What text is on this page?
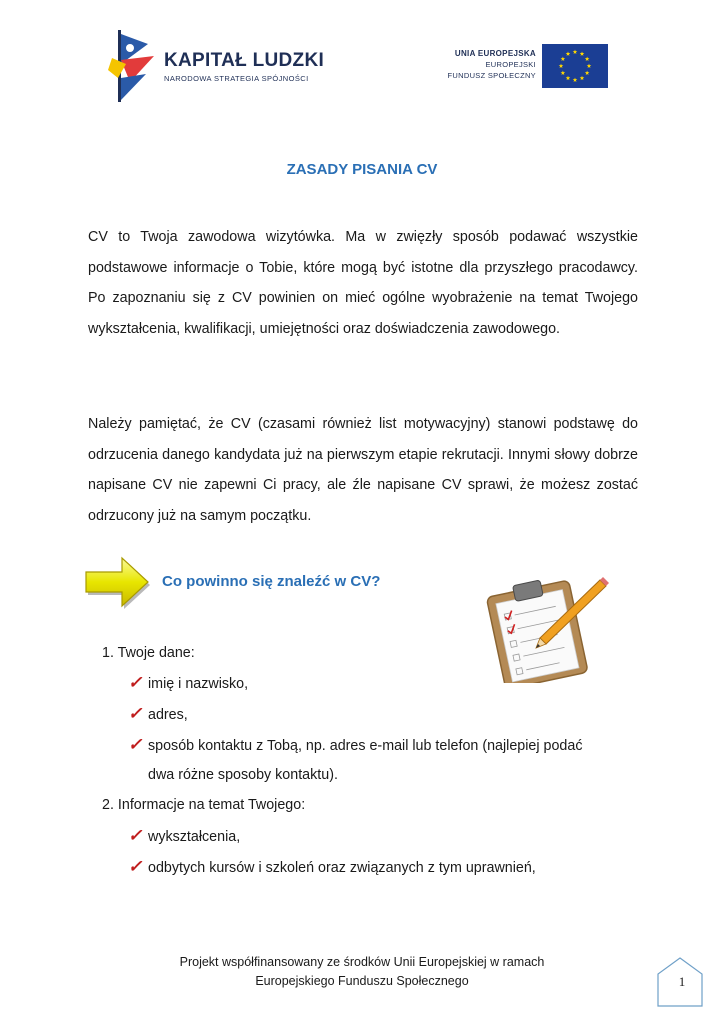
KAPITAŁ LUDZKI
NARODOWA STRATEGIA SPÓJNOŚCI
UNIA EUROPEJSKA
EUROPEJSKI
FUNDUSZ SPOŁECZNY
ZASADY PISANIA CV
CV to Twoja zawodowa wizytówka. Ma w zwięzły sposób podawać wszystkie podstawowe informacje o Tobie, które mogą być istotne dla przyszłego pracodawcy. Po zapoznaniu się z CV powinien on mieć ogólne wyobrażenie na temat Twojego wykształcenia, kwalifikacji, umiejętności oraz doświadczenia zawodowego.
Należy pamiętać, że CV (czasami również list motywacyjny) stanowi podstawę do odrzucenia danego kandydata już na pierwszym etapie rekrutacji. Innymi słowy dobrze napisane CV nie zapewni Ci pracy, ale źle napisane CV sprawi, że możesz zostać odrzucony już na samym początku.
Co powinno się znaleźć w CV?
1. Twoje dane:
✓ imię i nazwisko,
✓ adres,
✓ sposób kontaktu z Tobą, np. adres e-mail lub telefon (najlepiej podać
dwa różne sposoby kontaktu).
2. Informacje na temat Twojego:
✓ wykształcenia,
✓ odbytych kursów i szkoleń oraz związanych z tym uprawnień,
Projekt współfinansowany ze środków Unii Europejskiej w ramach
Europejskiego Funduszu Społecznego	1
